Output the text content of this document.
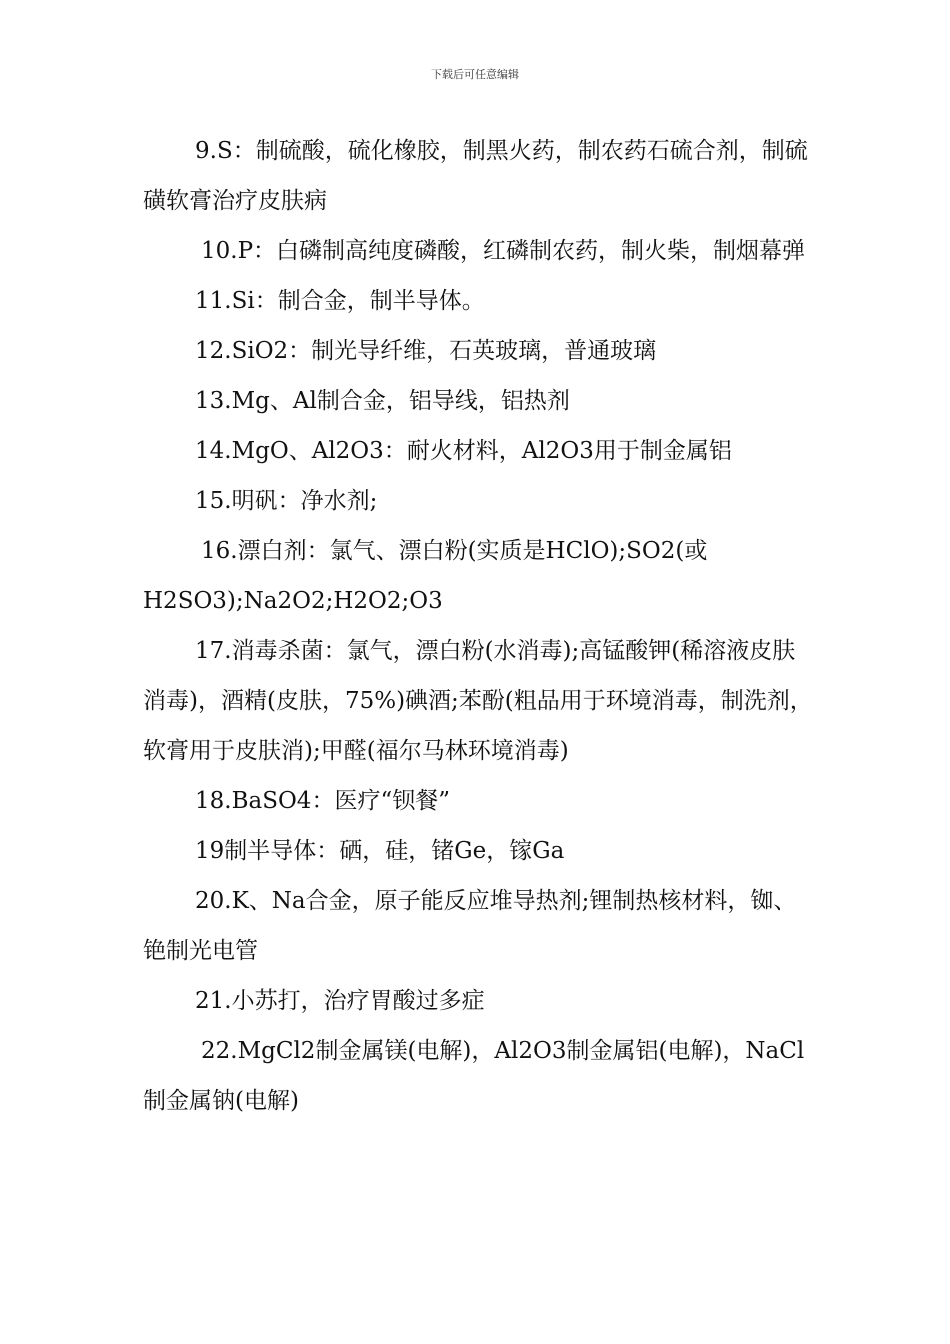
下载后可任意编辑

9.S：制硫酸，硫化橡胶，制黑火药，制农药石硫合剂，制硫磺软膏治疗皮肤病

10.P：白磷制高纯度磷酸，红磷制农药，制火柴，制烟幕弹

11.Si：制合金，制半导体。

12.SiO2：制光导纤维，石英玻璃，普通玻璃

13.Mg、Al制合金，铝导线，铝热剂

14.MgO、Al2O3：耐火材料，Al2O3用于制金属铝

15.明矾：净水剂;

16.漂白剂：氯气、漂白粉(实质是HClO);SO2(或H2SO3);Na2O2;H2O2;O3

17.消毒杀菌：氯气，漂白粉(水消毒);高锰酸钾(稀溶液皮肤消毒)，酒精(皮肤，75%)碘酒;苯酚(粗品用于环境消毒，制洗剂，软膏用于皮肤消);甲醛(福尔马林环境消毒)

18.BaSO4：医疗“钡餐”

19制半导体：硒，硅，锗Ge，镓Ga

20.K、Na合金，原子能反应堆导热剂;锂制热核材料，铷、铯制光电管

21.小苏打，治疗胃酸过多症

22.MgCl2制金属镁(电解)，Al2O3制金属铝(电解)，NaCl制金属钠(电解)
